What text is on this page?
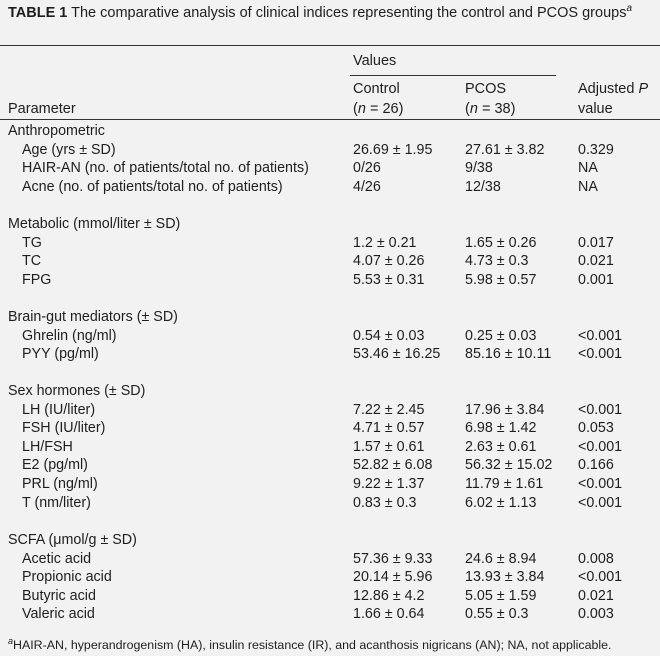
TABLE 1 The comparative analysis of clinical indices representing the control and PCOS groups$^a$
Values
Control
(n = 26)
PCOS
(n = 38)
Adjusted P
value
Parameter
Anthropometric
Age (yrs ± SD)	26.69 ± 1.95 27.61 ± 3.82 0.329
HAIR-AN (no. of patients/total no. of patients)	0/26	9/38	NA
Acne (no. of patients/total no. of patients)	4/26	12/38	NA
Metabolic (mmol/liter ± SD)
TG	1.2 ± 0.21	1.65 ± 0.26	0.017
TC	4.07 ± 0.26	4.73 ± 0.3	0.021
FPG	5.53 ± 0.31	5.98 ± 0.57	0.001
Brain-gut mediators (± SD)
Ghrelin (ng/ml)	0.54 ± 0.03	0.25 ± 0.03	<0.001
PYY (pg/ml)	53.46 ± 16.25 85.16 ± 10.11 <0.001
Sex hormones (± SD)
LH (IU/liter)	7.22 ± 2.45	17.96 ± 3.84 <0.001
FSH (IU/liter)	4.71 ± 0.57	6.98 ± 1.42	0.053
LH/FSH	1.57 ± 0.61	2.63 ± 0.61	<0.001
E2 (pg/ml)	52.82 ± 6.08 56.32 ± 15.02 0.166
PRL (ng/ml)	9.22 ± 1.37	11.79 ± 1.61 <0.001
T (nm/liter)	0.83 ± 0.3	6.02 ± 1.13	<0.001
SCFA (μmol/g ± SD)
Acetic acid	57.36 ± 9.33 24.6 ± 8.94	0.008
Propionic acid	20.14 ± 5.96 13.93 ± 3.84 <0.001
Butyric acid	12.86 ± 4.2	5.05 ± 1.59	0.021
Valeric acid	1.66 ± 0.64	0.55 ± 0.3	0.003
$^a$HAIR-AN, hyperandrogenism (HA), insulin resistance (IR), and acanthosis nigricans (AN); NA, not applicable.
